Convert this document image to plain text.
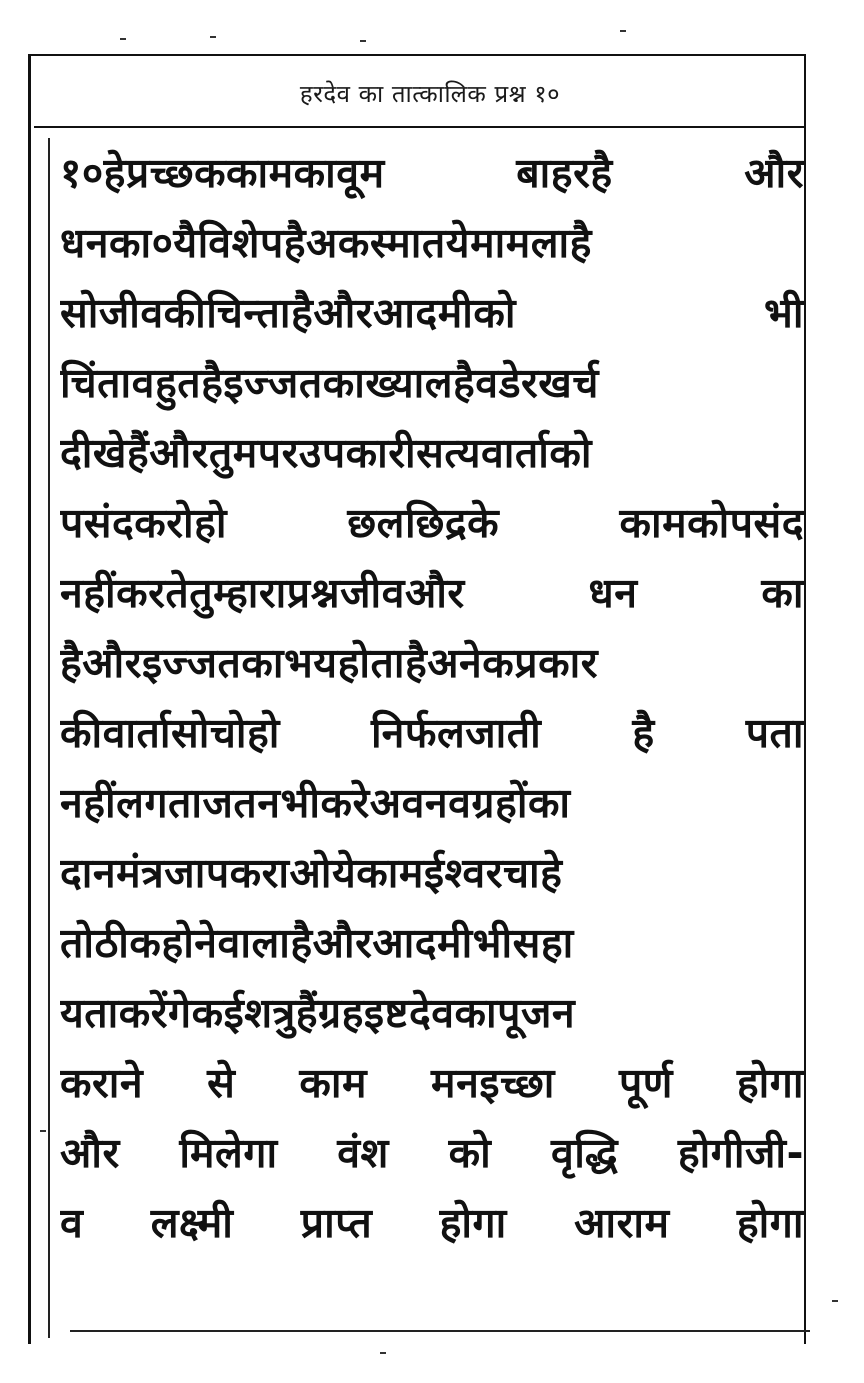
हरदेव का तात्कालिक प्रश्न १०
१०हेप्रच्छककामकावूम बाहरहै और
धनका०यैविशेपहैअकस्मातयेमामलाहै
सोजीवकीचिन्ताहैऔरआदमीको भी
चिंतावहुतहैइज्जतकाख्यालहैवडेरखर्च
दीखेहैंऔरतुमपरउपकारीसत्यवार्ताको
पसंदकरोहो छलछिद्रके कामकोपसंद
नहींकरतेतुम्हाराप्रश्नजीवऔर धन का
हैऔरइज्जतकाभयहोताहैअनेकप्रकार
कीवार्तासोचोहो निर्फलजाती है पता
नहींलगताजतनभीकरेअवनवग्रहोंका
दानमंत्रजापकराओयेकामईश्वरचाहे
तोठीकहोनेवालाहैऔरआदमीभीसहा
यताकरेंगेकईशत्रुहैंग्रहइष्टदेवकापूजन
कराने से काम मनइच्छा पूर्ण होगा
और मिलेगा वंश को वृद्धि होगीजी-
व लक्ष्मी प्राप्त होगा आराम होगा
